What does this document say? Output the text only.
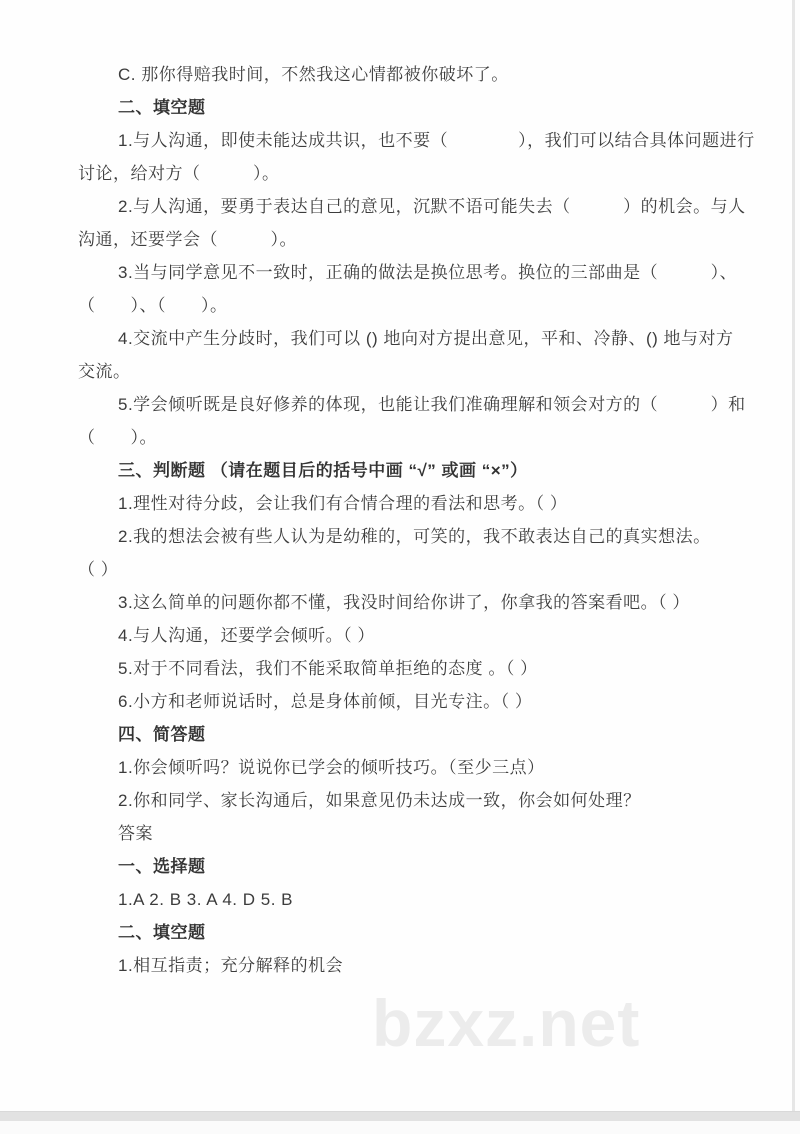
C. 那你得赔我时间，不然我这心情都被你破坏了。
二、填空题
1.与人沟通，即使未能达成共识，也不要（　　　　），我们可以结合具体问题进行
讨论，给对方（　　　）。
2.与人沟通，要勇于表达自己的意见，沉默不语可能失去（　　　）的机会。与人
沟通，还要学会（　　　）。
3.当与同学意见不一致时，正确的做法是换位思考。换位的三部曲是（　　　）、
（　　）、（　　）。
4.交流中产生分歧时，我们可以 () 地向对方提出意见，平和、冷静、() 地与对方
交流。
5.学会倾听既是良好修养的体现，也能让我们准确理解和领会对方的（　　　）和
（　　）。
三、判断题 （请在题目后的括号中画 “√” 或画 “×”）
1.理性对待分歧，会让我们有合情合理的看法和思考。（ ）
2.我的想法会被有些人认为是幼稚的，可笑的，我不敢表达自己的真实想法。
（ ）
3.这么简单的问题你都不懂，我没时间给你讲了，你拿我的答案看吧。（ ）
4.与人沟通，还要学会倾听。（ ）
5.对于不同看法，我们不能采取简单拒绝的态度 。（ ）
6.小方和老师说话时，总是身体前倾，目光专注。（ ）
四、简答题
1.你会倾听吗？说说你已学会的倾听技巧。（至少三点）
2.你和同学、家长沟通后，如果意见仍未达成一致，你会如何处理？
答案
一、选择题
1.A 2. B 3. A 4. D 5. B
二、填空题
1.相互指责；充分解释的机会
bzxz.net
